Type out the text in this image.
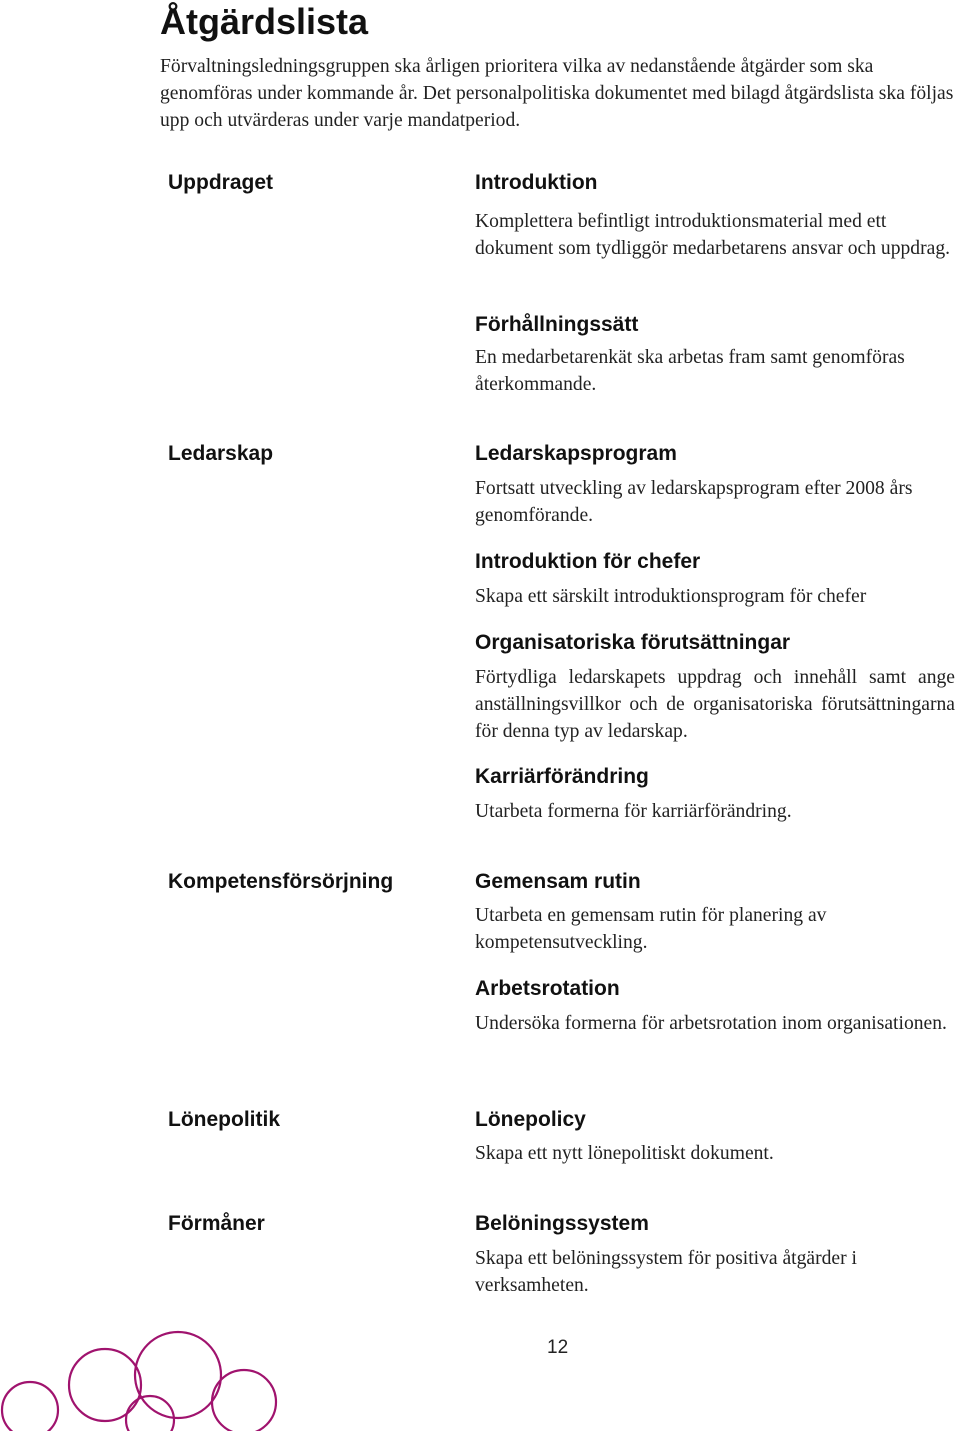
Åtgärdslista

Förvaltningsledningsgruppen ska årligen prioritera vilka av nedanstående åtgärder som ska genomföras under kommande år. Det personalpolitiska dokumentet med bilagd åtgärdslista ska följas upp och utvärderas under varje mandatperiod.

Uppdraget	Introduktion

Komplettera befintligt introduktionsmaterial med ett dokument som tydliggör medarbetarens ansvar och uppdrag.

Förhållningssätt

En medarbetarenkät ska arbetas fram samt genomföras återkommande.

Ledarskap	Ledarskapsprogram

Fortsatt utveckling av ledarskapsprogram efter 2008 års genomförande.

Introduktion för chefer

Skapa ett särskilt introduktionsprogram för chefer

Organisatoriska förutsättningar

Förtydliga ledarskapets uppdrag och innehåll samt ange anställningsvillkor och de organisatoriska förutsättningarna för denna typ av ledarskap.

Karriärförändring

Utarbeta formerna för karriärförändring.

Kompetensförsörjning	Gemensam rutin

Utarbeta en gemensam rutin för planering av kompetensutveckling.

Arbetsrotation

Undersöka formerna för arbetsrotation inom organisationen.

Lönepolitik	Lönepolicy

Skapa ett nytt lönepolitiskt dokument.

Förmåner	Belöningssystem

Skapa ett belöningssystem för positiva åtgärder i verksamheten.

12
